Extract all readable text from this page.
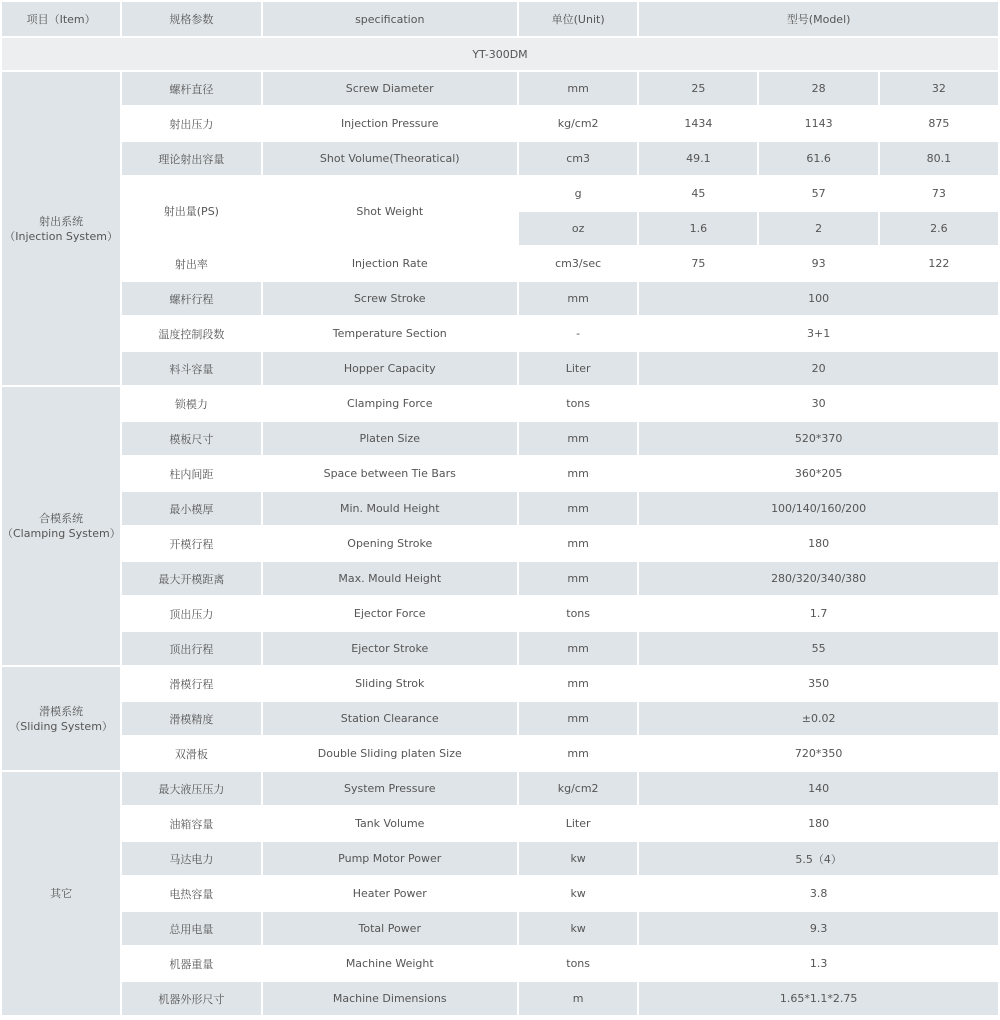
项目（Item）	规格参数	specification	单位(Unit)	型号(Model)		
YT-300DM						
射出系统
（Injection System）	螺杆直径	Screw Diameter	mm	25	28	32
	射出压力	Injection Pressure	kg/cm2	1434	1143	875
	理论射出容量	Shot Volume(Theoratical)	cm3	49.1	61.6	80.1
	射出量(PS)	Shot Weight	g	45	57	73
			oz	1.6	2	2.6
	射出率	Injection Rate	cm3/sec	75	93	122
	螺杆行程	Screw Stroke	mm	100		
	温度控制段数	Temperature Section	-	3+1		
	料斗容量	Hopper Capacity	Liter	20		
合模系统
（Clamping System）	锁模力	Clamping Force	tons	30		
	模板尺寸	Platen Size	mm	520*370		
	柱内间距	Space between Tie Bars	mm	360*205		
	最小模厚	Min. Mould Height	mm	100/140/160/200		
	开模行程	Opening Stroke	mm	180		
	最大开模距离	Max. Mould Height	mm	280/320/340/380		
	顶出压力	Ejector Force	tons	1.7		
	顶出行程	Ejector Stroke	mm	55		
滑模系统
（Sliding System）	滑模行程	Sliding Strok	mm	350		
	滑模精度	Station Clearance	mm	±0.02		
	双滑板	Double Sliding platen Size	mm	720*350		
其它	最大液压压力	System Pressure	kg/cm2	140		
	油箱容量	Tank Volume	Liter	180		
	马达电力	Pump Motor Power	kw	5.5（4）		
	电热容量	Heater Power	kw	3.8		
	总用电量	Total Power	kw	9.3		
	机器重量	Machine Weight	tons	1.3		
	机器外形尺寸	Machine Dimensions	m	1.65*1.1*2.75		
